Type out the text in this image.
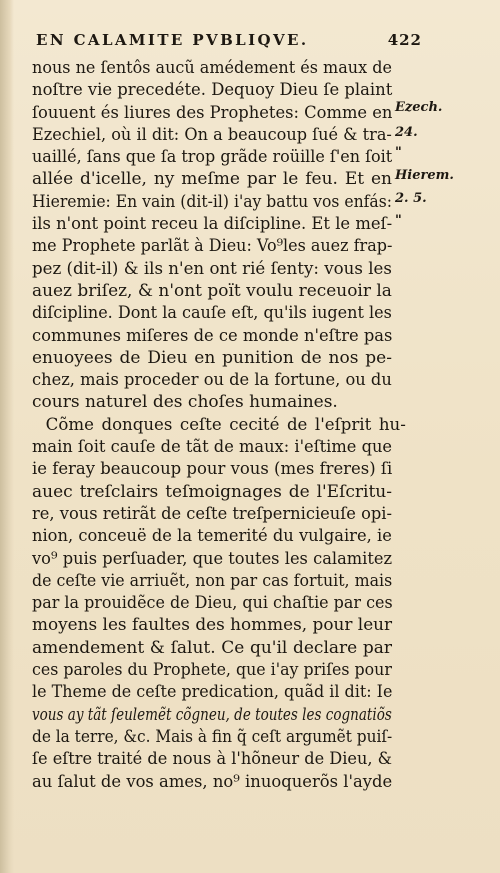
EN CALAMITE PVBLIQVE.	422
nous ne ſentôs aucũ amédement és maux de
noſtre vie precedéte. Dequoy Dieu ſe plaint
ſouuent és liures des Prophetes: Comme en
Ezechiel, où il dit: On a beaucoup ſué & tra-
uaillé, ſans que ſa trop grãde roüille ſ'en ſoit
allée d'icelle, ny meſme par le feu. Et en
Hieremie: En vain (dit-il) i'ay battu vos enfás:
ils n'ont point receu la diſcipline. Et le meſ-
me Prophete parlãt à Dieu: Vo⁹les auez frap-
pez (dit-il) & ils n'en ont rié ſenty: vous les
auez briſez, & n'ont poït voulu receuoir la
diſcipline. Dont la cauſe eſt, qu'ils iugent les
communes miſeres de ce monde n'eſtre pas
enuoyees de Dieu en punition de nos pe-
chez, mais proceder ou de la fortune, ou du
cours naturel des choſes humaines.
Cõme donques ceſte cecité de l'eſprit hu-
main ſoit cauſe de tãt de maux: i'eſtime que
ie feray beaucoup pour vous (mes freres) ſi
auec treſclairs teſmoignages de l'Eſcritu-
re, vous retirãt de ceſte treſpernicieuſe opi-
nion, conceuë de la temerité du vulgaire, ie
vo⁹ puis perſuader, que toutes les calamitez
de ceſte vie arriuẽt, non par cas fortuit, mais
par la prouidẽce de Dieu, qui chaſtie par ces
moyens les faultes des hommes, pour leur
amendement & ſalut. Ce qu'il declare par
ces paroles du Prophete, que i'ay priſes pour
le Theme de ceſte predication, quãd il dit: Ie
vous ay tãt ſeulemẽt cõgneu, de toutes les cognatiõs
de la terre, &c. Mais à fin q̃ ceſt argumẽt puiſ-
ſe eſtre traité de nous à l'hõneur de Dieu, &
au ſalut de vos ames, no⁹ inuoquerõs l'ayde
Ezech.
24.
"
Hierem.
2. 5.
"
